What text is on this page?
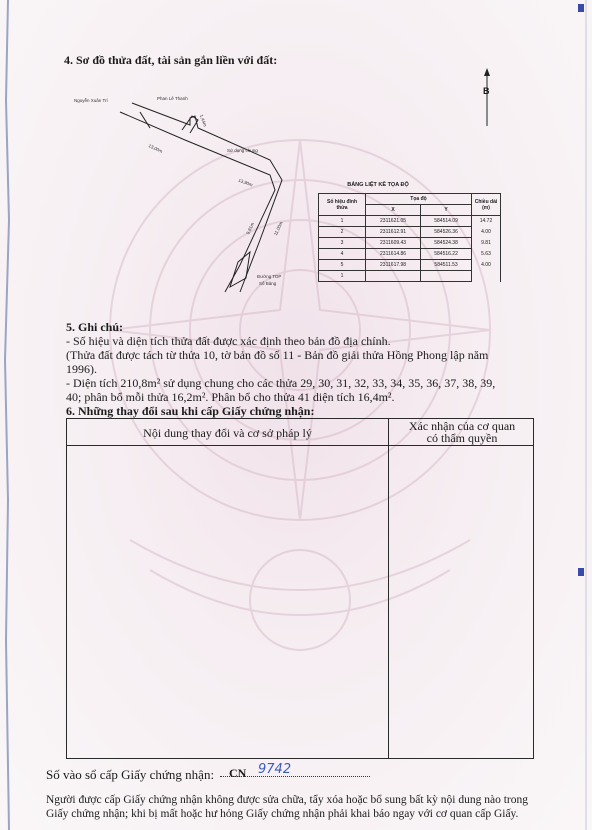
4. Sơ đồ thửa đất, tài sản gắn liền với đất:
B
Nguyễn Xuân Trí	Phan Lê Thanh
Sử dụng chung
Đường TDP
Số Bảng
13,00m
1,44m
13,90m
9,81m	11,00m
BẢNG LIỆT KÊ TỌA ĐỘ
Số hiệu đỉnh thửa	Tọa độ		Chiều dài
(m)
	X	Y	
1	2311621.05	584514.09	14.72
2	2311612.91	584526.36	4.00
3	2311609.43	584524.38	9.81
4	2311614.86	584516.22	5.63
5	2311617.98	584511.53	4.00
1			
5. Ghi chú:
- Số hiệu và diện tích thửa đất được xác định theo bản đồ địa chính.
(Thửa đất được tách từ thửa 10, tờ bản đồ số 11 - Bản đồ giải thửa Hồng Phong lập năm
1996).
- Diện tích 210,8m² sử dụng chung cho các thửa 29, 30, 31, 32, 33, 34, 35, 36, 37, 38, 39,
40; phân bổ mỗi thửa 16,2m². Phân bổ cho thửa 41 diện tích 16,4m².
6. Những thay đổi sau khi cấp Giấy chứng nhận:
Nội dung thay đổi và cơ sở pháp lý	Xác nhận của cơ quan
có thẩm quyền
Số vào sổ cấp Giấy chứng nhận: CN 9742
Người được cấp Giấy chứng nhận không được sửa chữa, tẩy xóa hoặc bổ sung bất kỳ nội dung nào trong
Giấy chứng nhận; khi bị mất hoặc hư hỏng Giấy chứng nhận phải khai báo ngay với cơ quan cấp Giấy.
